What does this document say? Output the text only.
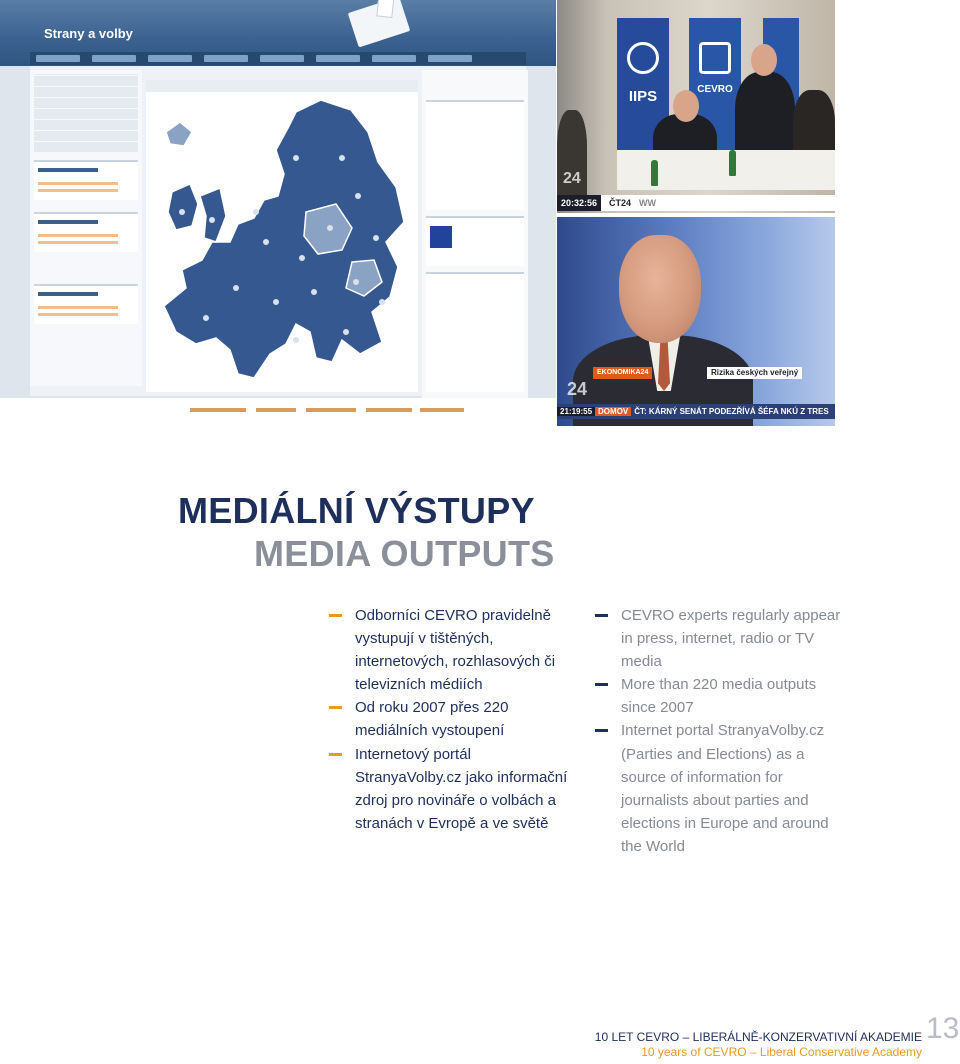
Strany a volby
IIPS	CEVRO
24
20:32:56	ČT24 WW
24
EKONOMIKA24	Rizika českých veřejný
21:19:55 DOMOV ČT: KÁRNÝ SENÁT PODEZŘÍVÁ ŠÉFA NKÚ Z TRES
MEDIÁLNÍ VÝSTUPY
MEDIA OUTPUTS
Odborníci CEVRO pravidelně vystupují v tištěných, internetových, rozhlasových či televizních médiích
Od roku 2007 přes 220 mediálních vystoupení
Internetový portál StranyaVolby.cz jako informační zdroj pro novináře o volbách a stranách v Evropě a ve světě
CEVRO experts regularly appear in press, internet, radio or TV media
More than 220 media outputs since 2007
Internet portal StranyaVolby.cz (Parties and Elections) as a source of information for journalists about parties and elections in Europe and around the World
10 LET CEVRO – LIBERÁLNĚ-KONZERVATIVNÍ AKADEMIE
10 years of CEVRO – Liberal Conservative Academy
13
